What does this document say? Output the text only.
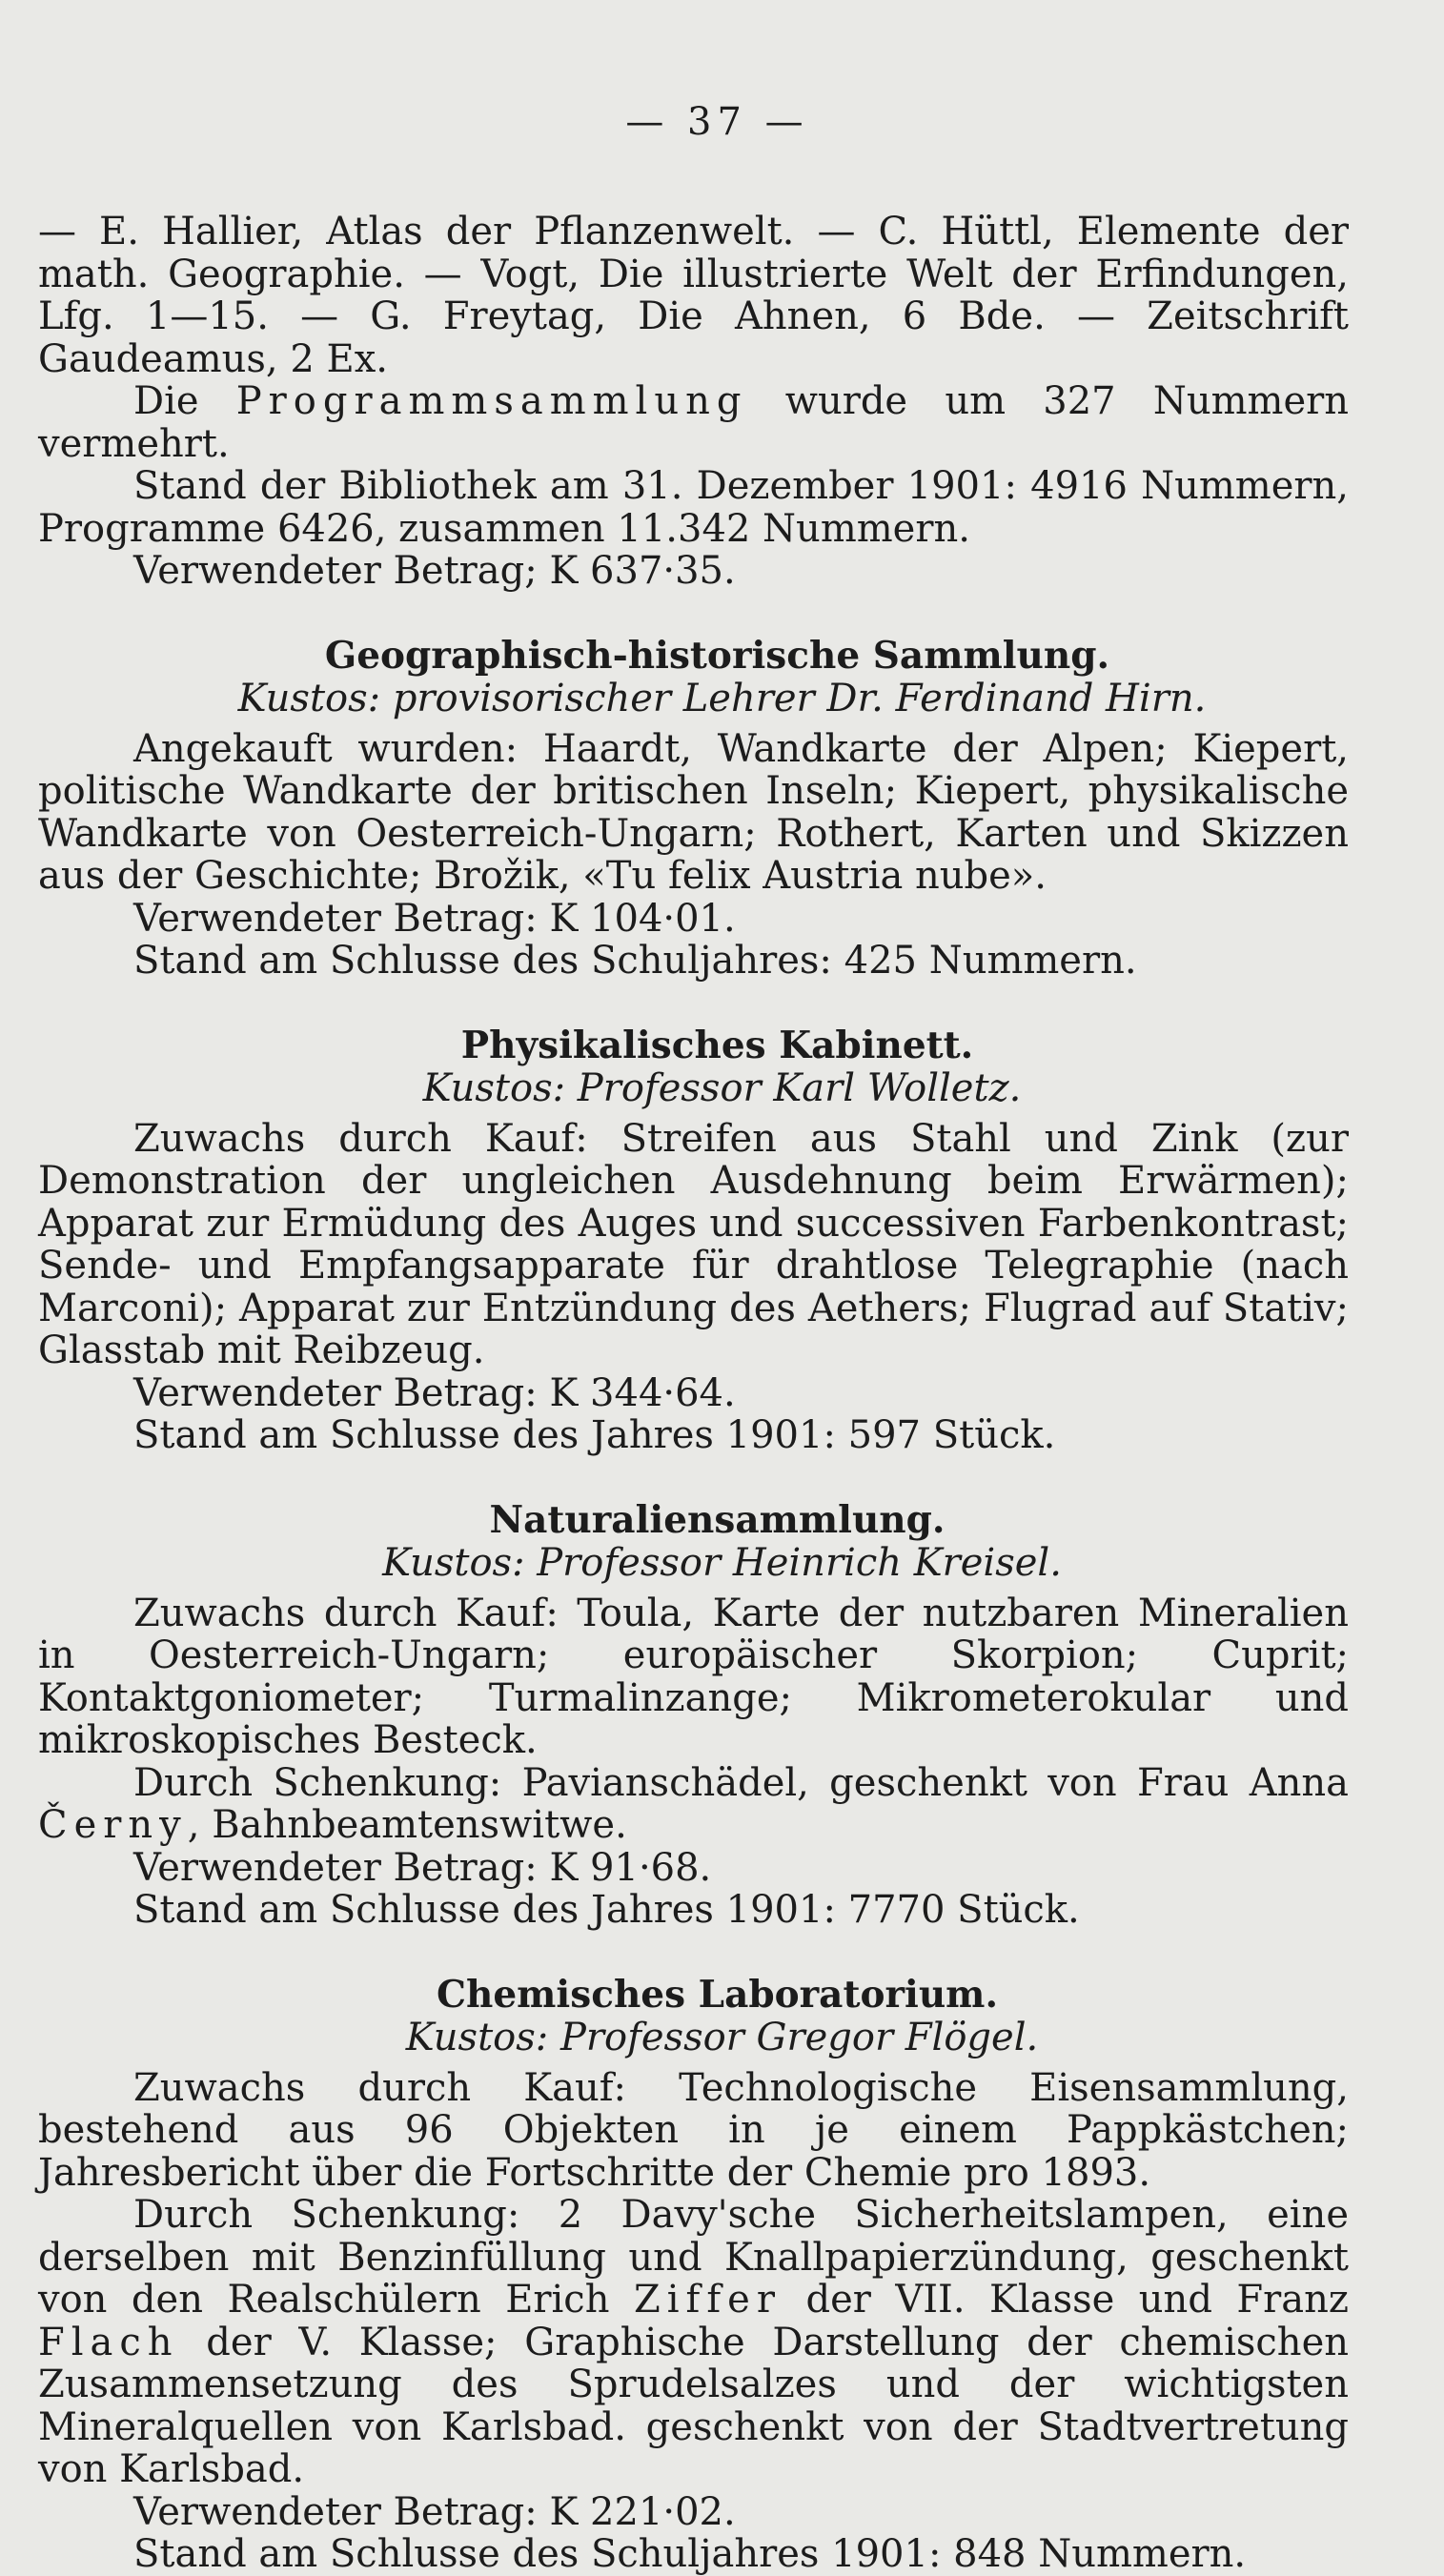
— 37 —

— E. Hallier, Atlas der Pflanzenwelt. — C. Hüttl, Elemente der math. Geographie. — Vogt, Die illustrierte Welt der Erfindungen, Lfg. 1—15. — G. Freytag, Die Ahnen, 6 Bde. — Zeitschrift Gaudeamus, 2 Ex.

Die Programmsammlung wurde um 327 Nummern vermehrt.

Stand der Bibliothek am 31. Dezember 1901: 4916 Nummern, Programme 6426, zusammen 11.342 Nummern.

Verwendeter Betrag; K 637·35.

Geographisch-historische Sammlung.
Kustos: provisorischer Lehrer Dr. Ferdinand Hirn.

Angekauft wurden: Haardt, Wandkarte der Alpen; Kiepert, politische Wandkarte der britischen Inseln; Kiepert, physikalische Wandkarte von Oesterreich-Ungarn; Rothert, Karten und Skizzen aus der Geschichte; Brožik, «Tu felix Austria nube».

Verwendeter Betrag: K 104·01.

Stand am Schlusse des Schuljahres: 425 Nummern.

Physikalisches Kabinett.
Kustos: Professor Karl Wolletz.

Zuwachs durch Kauf: Streifen aus Stahl und Zink (zur Demonstration der ungleichen Ausdehnung beim Erwärmen); Apparat zur Ermüdung des Auges und successiven Farbenkontrast; Sende- und Empfangsapparate für drahtlose Telegraphie (nach Marconi); Apparat zur Entzündung des Aethers; Flugrad auf Stativ; Glasstab mit Reibzeug.

Verwendeter Betrag: K 344·64.

Stand am Schlusse des Jahres 1901: 597 Stück.

Naturaliensammlung.
Kustos: Professor Heinrich Kreisel.

Zuwachs durch Kauf: Toula, Karte der nutzbaren Mineralien in Oesterreich-Ungarn; europäischer Skorpion; Cuprit; Kontaktgoniometer; Turmalinzange; Mikrometerokular und mikroskopisches Besteck.

Durch Schenkung: Pavianschädel, geschenkt von Frau Anna Černy, Bahnbeamtenswitwe.

Verwendeter Betrag: K 91·68.

Stand am Schlusse des Jahres 1901: 7770 Stück.

Chemisches Laboratorium.
Kustos: Professor Gregor Flögel.

Zuwachs durch Kauf: Technologische Eisensammlung, bestehend aus 96 Objekten in je einem Pappkästchen; Jahresbericht über die Fortschritte der Chemie pro 1893.

Durch Schenkung: 2 Davy'sche Sicherheitslampen, eine derselben mit Benzinfüllung und Knallpapierzündung, geschenkt von den Realschülern Erich Ziffer der VII. Klasse und Franz Flach der V. Klasse; Graphische Darstellung der chemischen Zusammensetzung des Sprudelsalzes und der wichtigsten Mineralquellen von Karlsbad. geschenkt von der Stadtvertretung von Karlsbad.

Verwendeter Betrag: K 221·02.

Stand am Schlusse des Schuljahres 1901: 848 Nummern.
